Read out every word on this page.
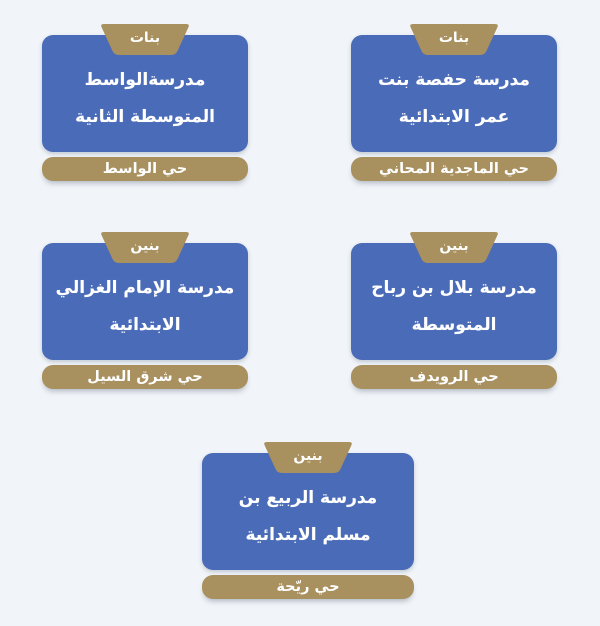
بنات
مدرسةالواسط
المتوسطة الثانية
حي الواسط
بنات
مدرسة حفصة بنت
عمر الابتدائية
حي الماجدية المحاني
بنين
مدرسة الإمام الغزالي
الابتدائية
حي شرق السيل
بنين
مدرسة بلال بن رباح
المتوسطة
حي الرويدف
بنين
مدرسة الربيع بن
مسلم الابتدائية
حي ريّحة
